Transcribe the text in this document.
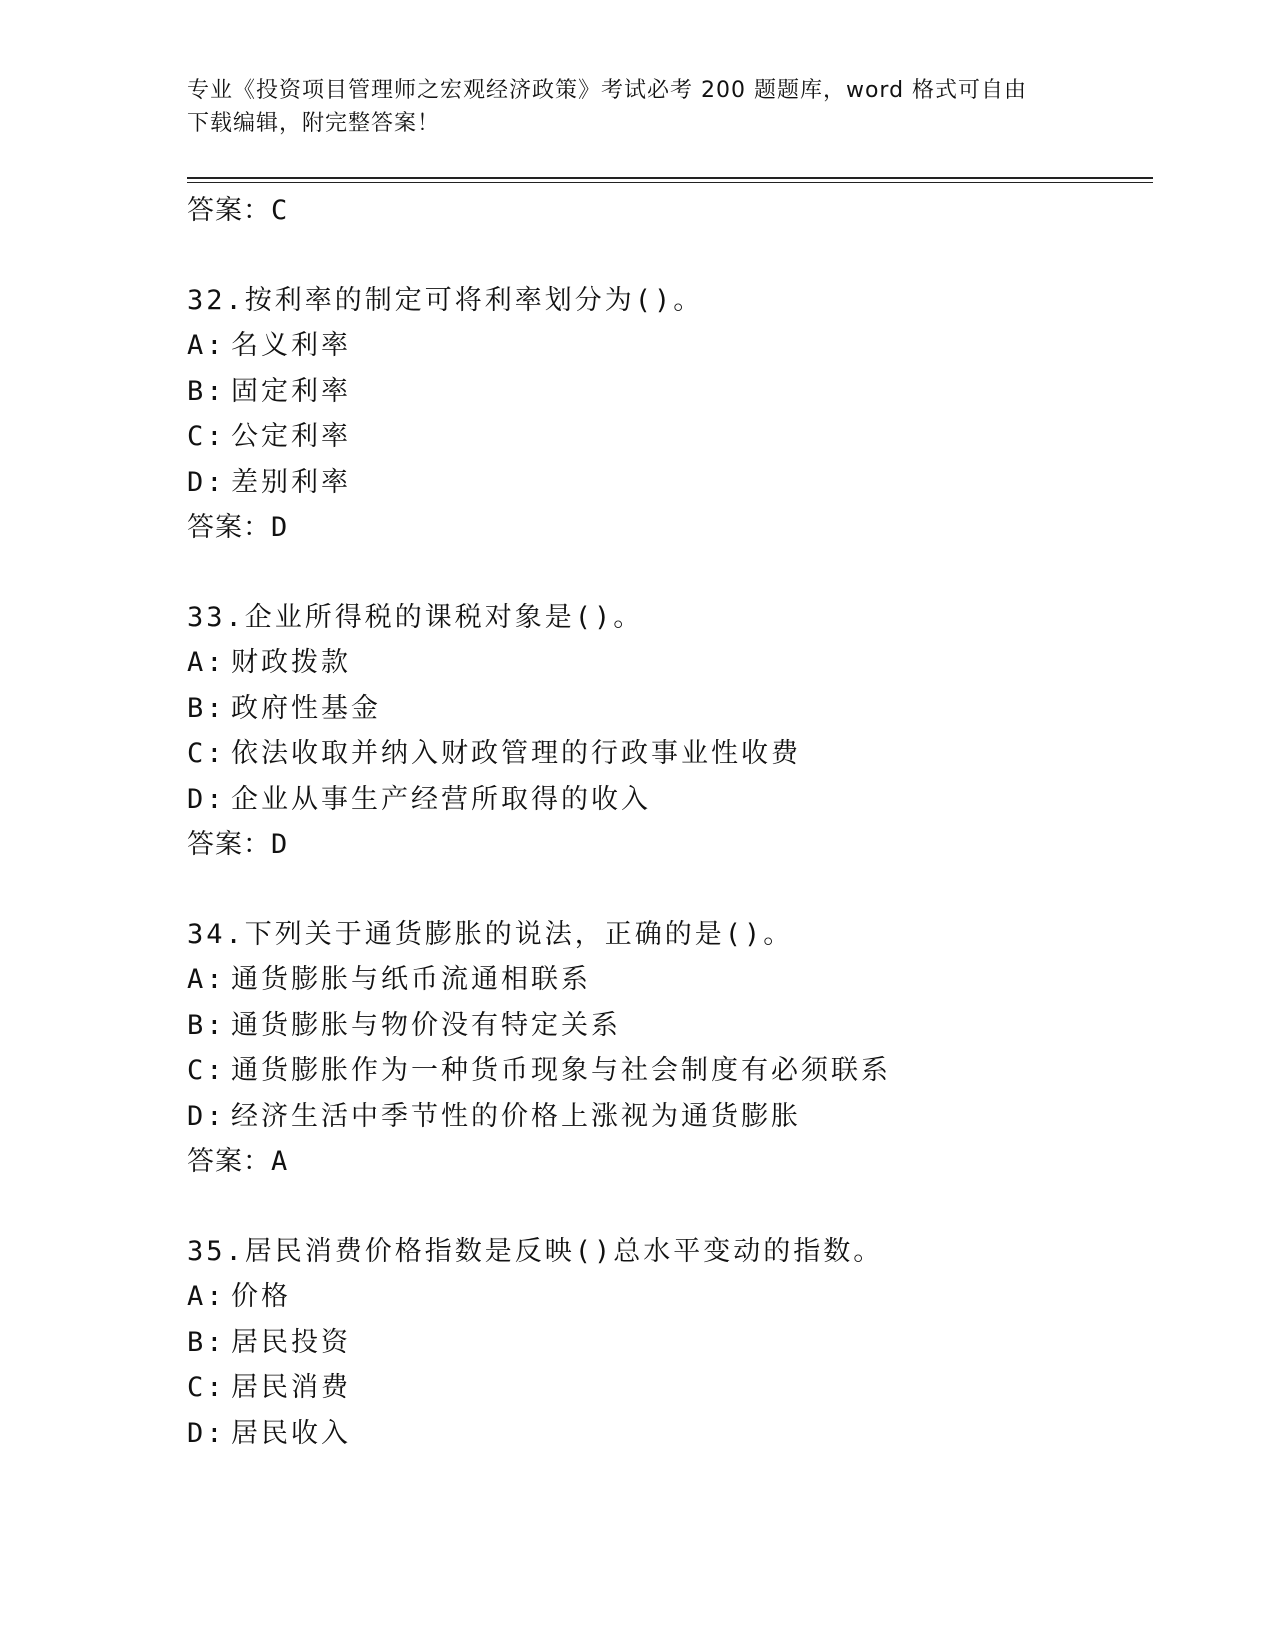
专业《投资项目管理师之宏观经济政策》考试必考 200 题题库，word 格式可自由
下载编辑，附完整答案！
答案：C
32.按利率的制定可将利率划分为()。
A: 名义利率
B: 固定利率
C: 公定利率
D: 差别利率
答案：D
33.企业所得税的课税对象是()。
A: 财政拨款
B: 政府性基金
C: 依法收取并纳入财政管理的行政事业性收费
D: 企业从事生产经营所取得的收入
答案：D
34.下列关于通货膨胀的说法，正确的是()。
A: 通货膨胀与纸币流通相联系
B: 通货膨胀与物价没有特定关系
C: 通货膨胀作为一种货币现象与社会制度有必须联系
D: 经济生活中季节性的价格上涨视为通货膨胀
答案：A
35.居民消费价格指数是反映()总水平变动的指数。
A: 价格
B: 居民投资
C: 居民消费
D: 居民收入
